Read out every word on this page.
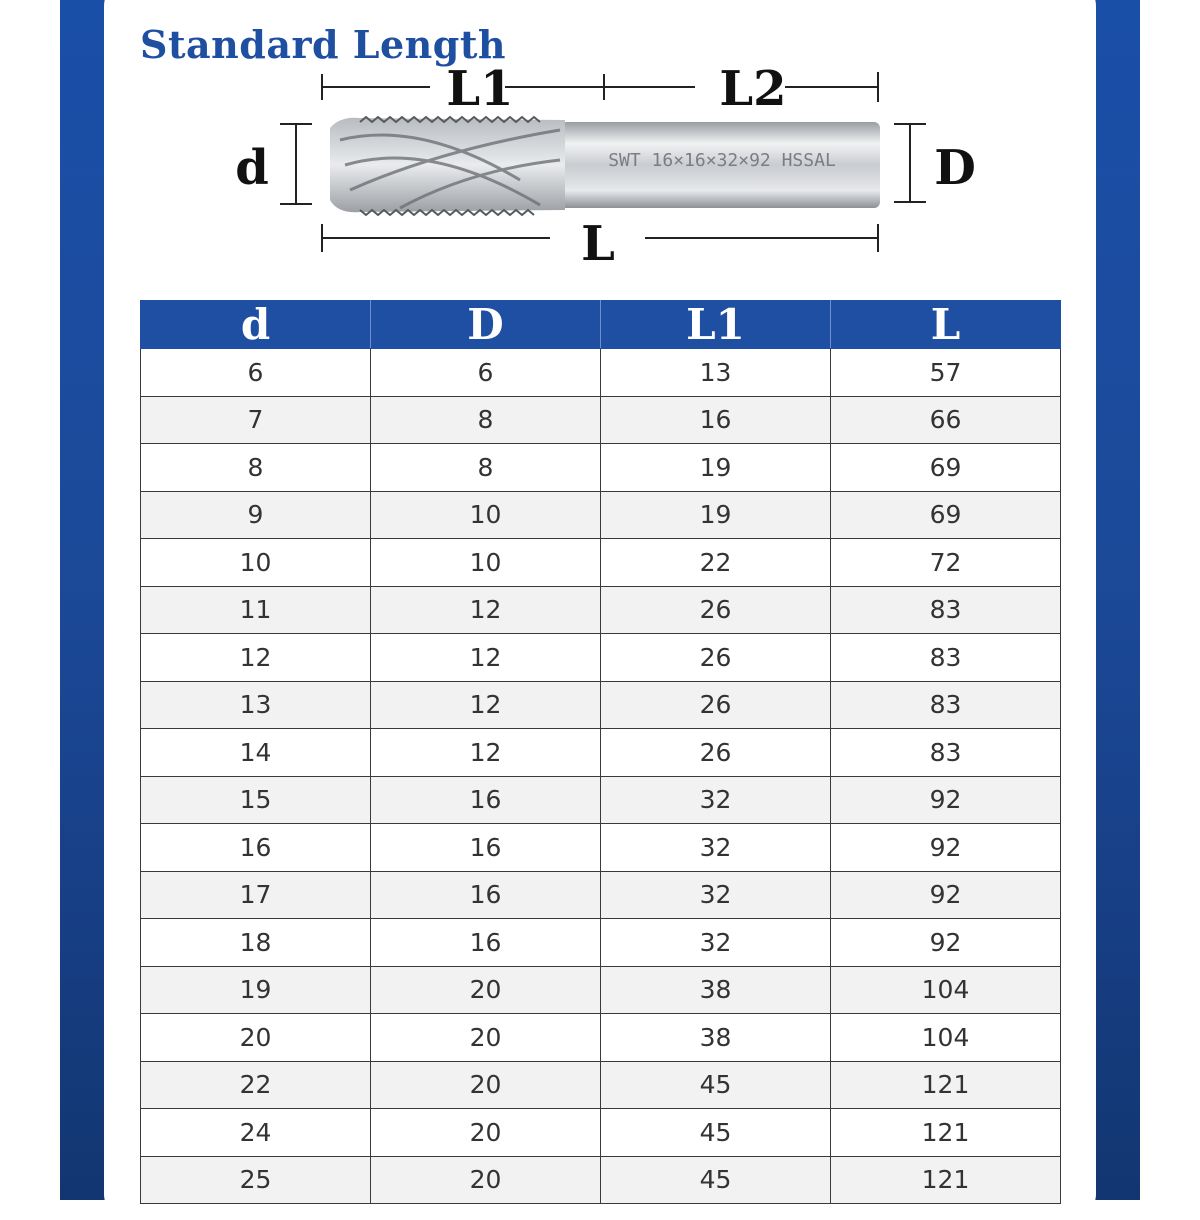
Standard Length
L1	L2
d	D
L
SWT 16×16×32×92 HSSAL
d	D	L1	L
6	6	13	57
7	8	16	66
8	8	19	69
9	10	19	69
10	10	22	72
11	12	26	83
12	12	26	83
13	12	26	83
14	12	26	83
15	16	32	92
16	16	32	92
17	16	32	92
18	16	32	92
19	20	38	104
20	20	38	104
22	20	45	121
24	20	45	121
25	20	45	121
